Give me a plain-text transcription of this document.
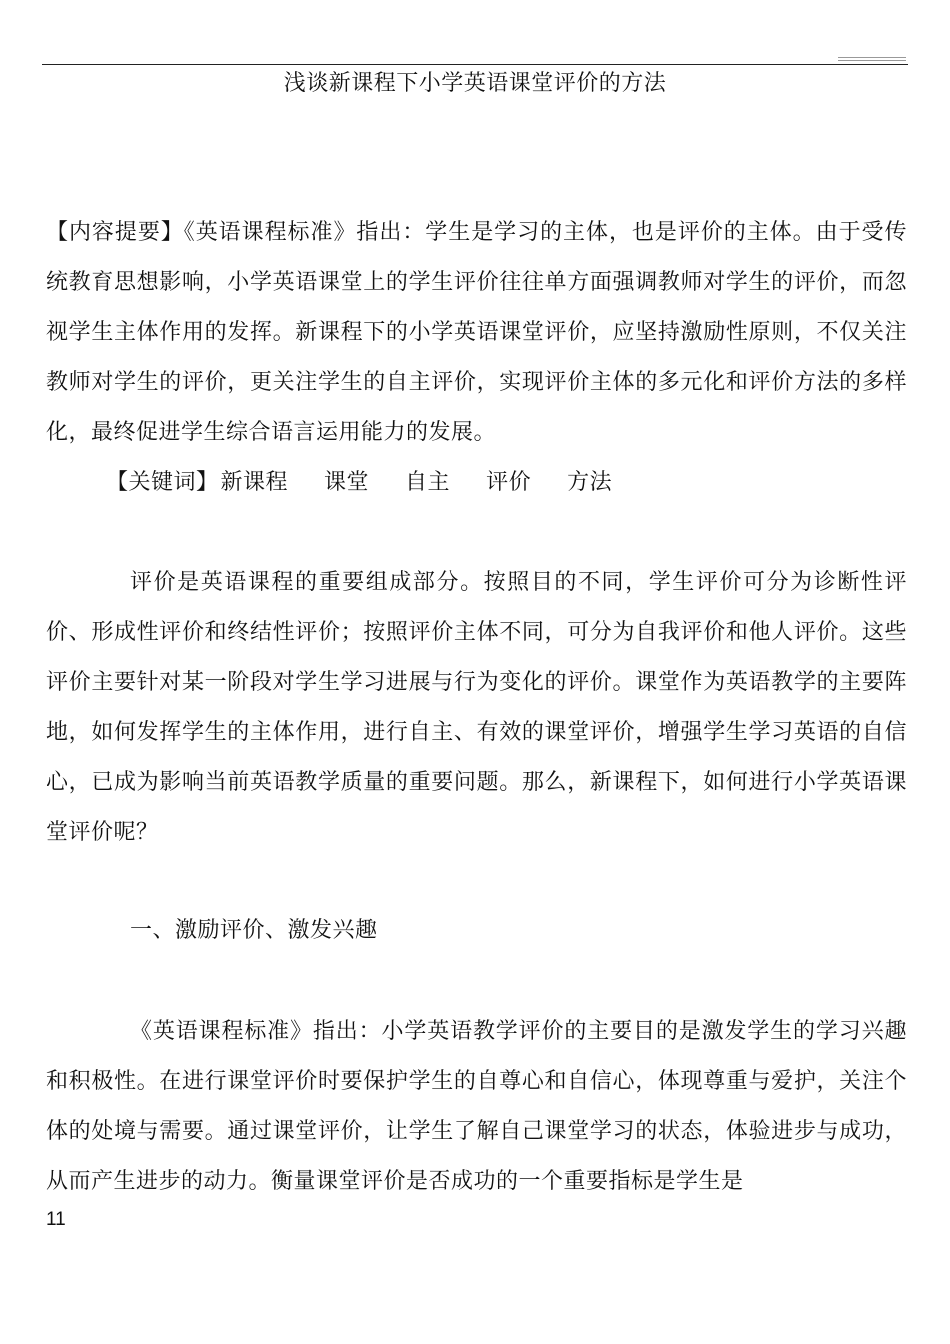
浅谈新课程下小学英语课堂评价的方法

【内容提要】《英语课程标准》指出：学生是学习的主体，也是评价的主体。由于受传统教育思想影响，小学英语课堂上的学生评价往往单方面强调教师对学生的评价，而忽视学生主体作用的发挥。新课程下的小学英语课堂评价，应坚持激励性原则，不仅关注教师对学生的评价，更关注学生的自主评价，实现评价主体的多元化和评价方法的多样化，最终促进学生综合语言运用能力的发展。

【关键词】新课程 课堂 自主 评价 方法

评价是英语课程的重要组成部分。按照目的不同，学生评价可分为诊断性评价、形成性评价和终结性评价；按照评价主体不同，可分为自我评价和他人评价。这些评价主要针对某一阶段对学生学习进展与行为变化的评价。课堂作为英语教学的主要阵地，如何发挥学生的主体作用，进行自主、有效的课堂评价，增强学生学习英语的自信心，已成为影响当前英语教学质量的重要问题。那么，新课程下，如何进行小学英语课堂评价呢？

一、激励评价、激发兴趣

《英语课程标准》指出：小学英语教学评价的主要目的是激发学生的学习兴趣和积极性。在进行课堂评价时要保护学生的自尊心和自信心，体现尊重与爱护，关注个体的处境与需要。通过课堂评价，让学生了解自己课堂学习的状态，体验进步与成功，从而产生进步的动力。衡量课堂评价是否成功的一个重要指标是学生是

11
